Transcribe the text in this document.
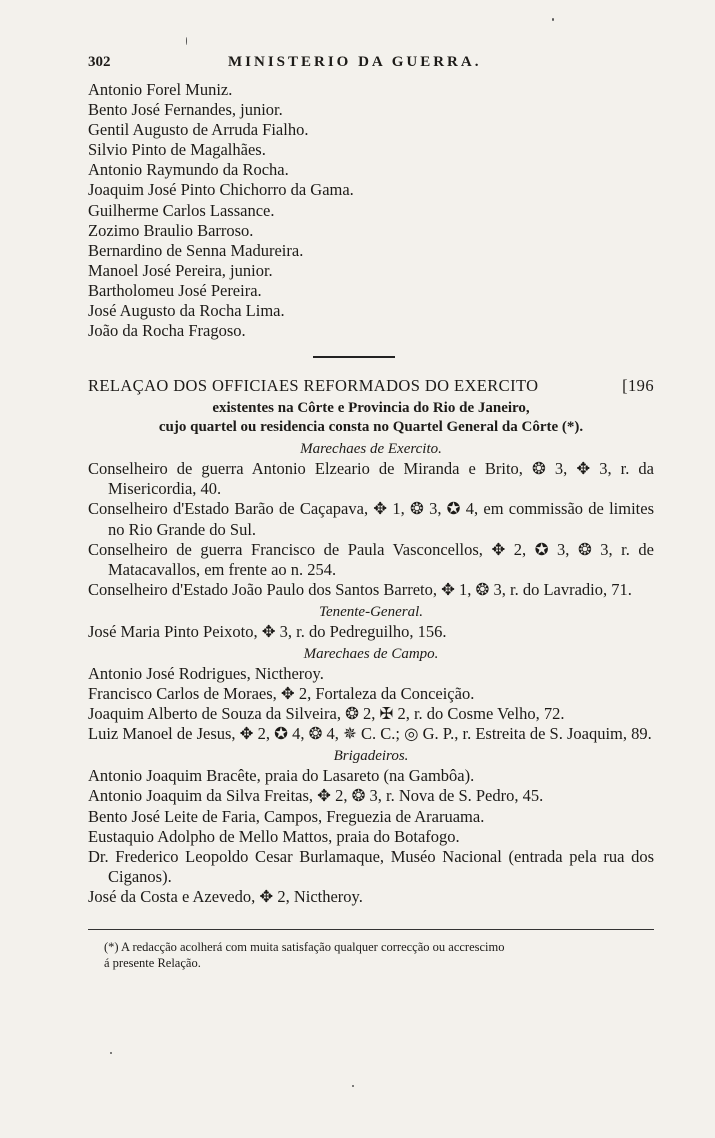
302	MINISTERIO DA GUERRA.
Antonio Forel Muniz.
Bento José Fernandes, junior.
Gentil Augusto de Arruda Fialho.
Silvio Pinto de Magalhães.
Antonio Raymundo da Rocha.
Joaquim José Pinto Chichorro da Gama.
Guilherme Carlos Lassance.
Zozimo Braulio Barroso.
Bernardino de Senna Madureira.
Manoel José Pereira, junior.
Bartholomeu José Pereira.
José Augusto da Rocha Lima.
João da Rocha Fragoso.
RELAÇAO DOS OFFICIAES REFORMADOS DO EXERCITO	[196
existentes na Côrte e Provincia do Rio de Janeiro,
cujo quartel ou residencia consta no Quartel General da Côrte (*).
Marechaes de Exercito.
Conselheiro de guerra Antonio Elzeario de Miranda e Brito, ❂ 3, ✥ 3, r. da Misericordia, 40.
Conselheiro d'Estado Barão de Caçapava, ✥ 1, ❂ 3, ✪ 4, em commissão de limites no Rio Grande do Sul.
Conselheiro de guerra Francisco de Paula Vasconcellos, ✥ 2, ✪ 3, ❂ 3, r. de Matacavallos, em frente ao n. 254.
Conselheiro d'Estado João Paulo dos Santos Barreto, ✥ 1, ❂ 3, r. do Lavradio, 71.
Tenente-General.
José Maria Pinto Peixoto, ✥ 3, r. do Pedreguilho, 156.
Marechaes de Campo.
Antonio José Rodrigues, Nictheroy.
Francisco Carlos de Moraes, ✥ 2, Fortaleza da Conceição.
Joaquim Alberto de Souza da Silveira, ❂ 2, ✠ 2, r. do Cosme Velho, 72.
Luiz Manoel de Jesus, ✥ 2, ✪ 4, ❂ 4, ✵ C. C.; ◎ G. P., r. Estreita de S. Joaquim, 89.
Brigadeiros.
Antonio Joaquim Bracête, praia do Lasareto (na Gambôa).
Antonio Joaquim da Silva Freitas, ✥ 2, ❂ 3, r. Nova de S. Pedro, 45.
Bento José Leite de Faria, Campos, Freguezia de Araruama.
Eustaquio Adolpho de Mello Mattos, praia do Botafogo.
Dr. Frederico Leopoldo Cesar Burlamaque, Muséo Nacional (entrada pela rua dos Ciganos).
José da Costa e Azevedo, ✥ 2, Nictheroy.
(*) A redacção acolherá com muita satisfação qualquer correcção ou accrescimo
á presente Relação.
